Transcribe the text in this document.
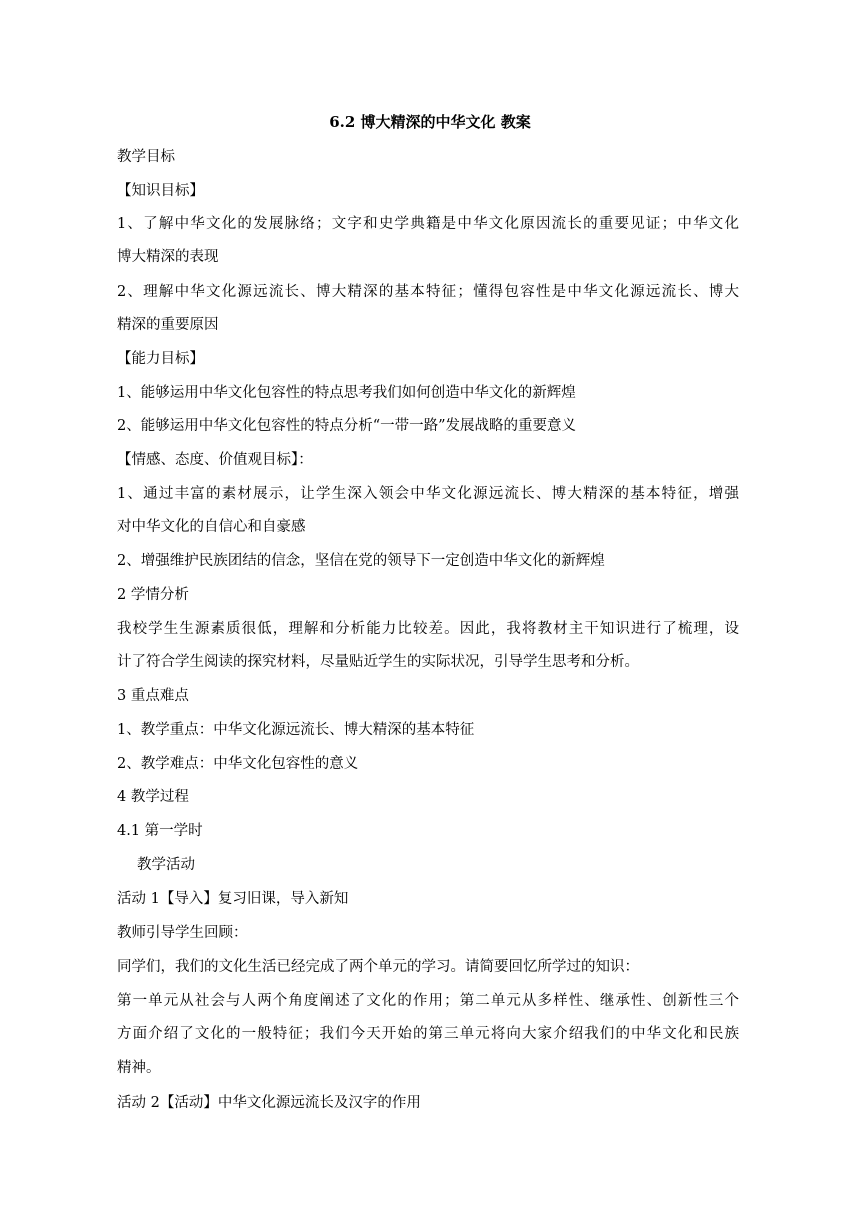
6.2 博大精深的中华文化 教案
教学目标
【知识目标】
1、了解中华文化的发展脉络；文字和史学典籍是中华文化原因流长的重要见证；中华文化
博大精深的表现
2、理解中华文化源远流长、博大精深的基本特征；懂得包容性是中华文化源远流长、博大
精深的重要原因
【能力目标】
1、能够运用中华文化包容性的特点思考我们如何创造中华文化的新辉煌
2、能够运用中华文化包容性的特点分析“一带一路”发展战略的重要意义
【情感、态度、价值观目标】：
1、通过丰富的素材展示，让学生深入领会中华文化源远流长、博大精深的基本特征，增强
对中华文化的自信心和自豪感
2、增强维护民族团结的信念，坚信在党的领导下一定创造中华文化的新辉煌
2 学情分析
我校学生生源素质很低，理解和分析能力比较差。因此，我将教材主干知识进行了梳理，设
计了符合学生阅读的探究材料，尽量贴近学生的实际状况，引导学生思考和分析。
3 重点难点
1、教学重点：中华文化源远流长、博大精深的基本特征
2、教学难点：中华文化包容性的意义
4 教学过程
4.1 第一学时
教学活动
活动 1【导入】复习旧课，导入新知
教师引导学生回顾：
同学们，我们的文化生活已经完成了两个单元的学习。请简要回忆所学过的知识：
第一单元从社会与人两个角度阐述了文化的作用；第二单元从多样性、继承性、创新性三个
方面介绍了文化的一般特征；我们今天开始的第三单元将向大家介绍我们的中华文化和民族
精神。
活动 2【活动】中华文化源远流长及汉字的作用
